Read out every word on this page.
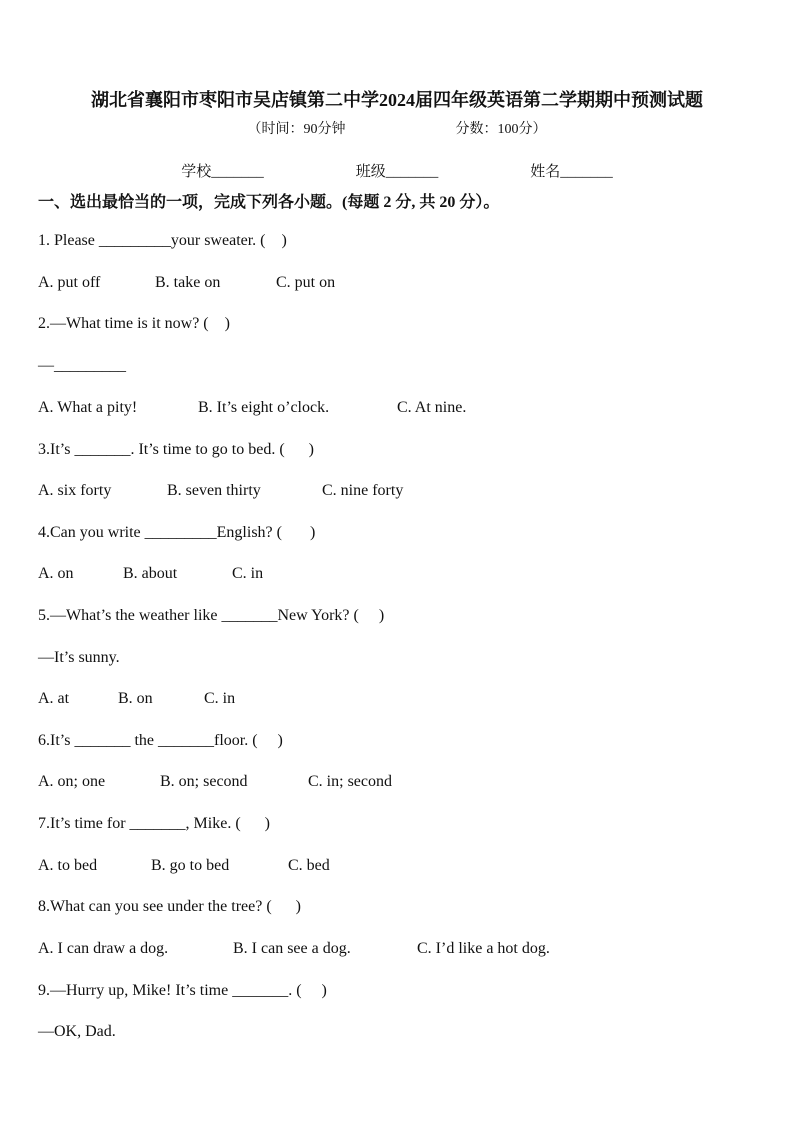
湖北省襄阳市枣阳市吴店镇第二中学2024届四年级英语第二学期期中预测试题
（时间：90分钟	分数：100分）
学校_______	班级_______	姓名_______
一、选出最恰当的一项，完成下列各小题。(每题 2 分, 共 20 分）。
1. Please _________your sweater. (    )
A. put off	B. take on	C. put on
2.—What time is it now? (    )
—_________
A. What a pity!	B. It’s eight o’clock.	C. At nine.
3.It’s _______. It’s time to go to bed. (      )
A. six forty	B. seven thirty	C. nine forty
4.Can you write _________English? (       )
A. on	B. about	C. in
5.—What’s the weather like _______New York? (     )
—It’s sunny.
A. at	B. on	C. in
6.It’s _______ the _______floor. (     )
A. on; one	B. on; second	C. in; second
7.It’s time for _______, Mike. (      )
A. to bed	B. go to bed	C. bed
8.What can you see under the tree? (      )
A. I can draw a dog.	B. I can see a dog.	C. I’d like a hot dog.
9.—Hurry up, Mike! It’s time _______. (     )
—OK, Dad.
